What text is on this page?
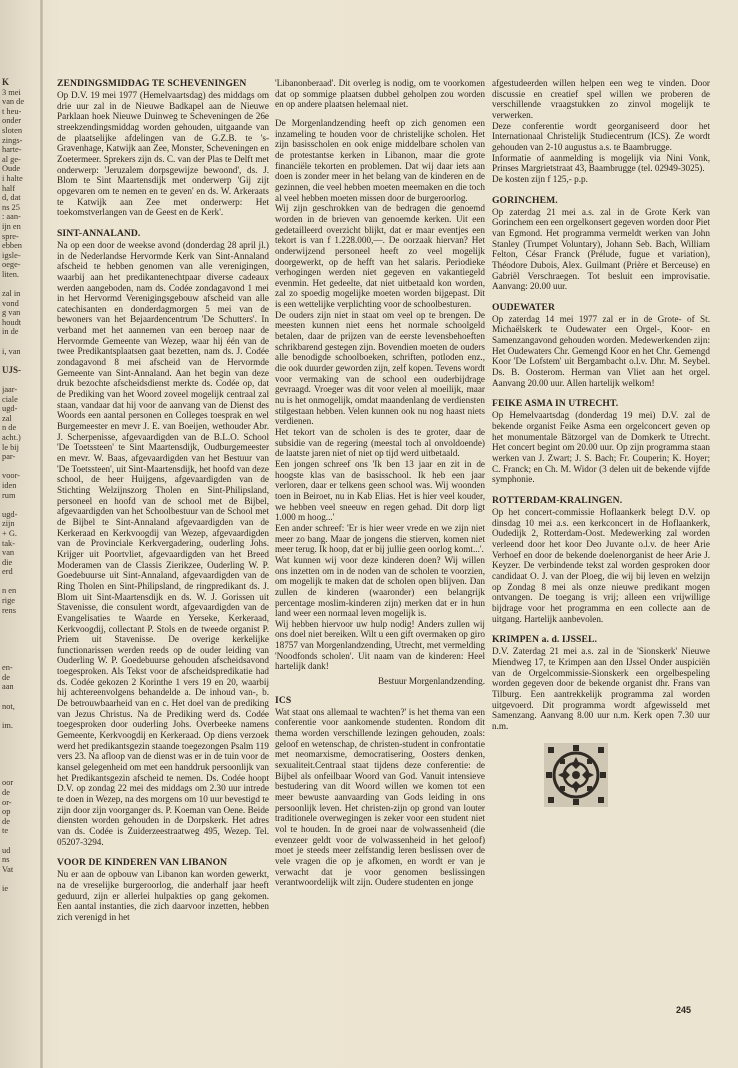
K
3 mei
van de
t heu-
onder
sloten
zings-
harte-
al ge-
Oude
i halte
half
d, dat
ns 25
: aan-
ijn en
spre-
ebben
igsle-
oege-
liten.
zal in
vond
g van
houdt
in de
i, van
UJS-
jaar-
ciale
ugd-
zal
n de
acht.)
le bij
par-
voor-
iden
rum
ugd-
zijn
+ G.
tak-
van
die
erd
n en
rige
rens
en-
de
aan
not,
im.
oor
de
or-
op
de
te
ud
ns
Vat
ie
ZENDINGSMIDDAG TE SCHEVENINGEN

Op D.V. 19 mei 1977 (Hemelvaartsdag) des middags om drie uur zal in de Nieuwe Badkapel aan de Nieuwe Parklaan hoek Nieuwe Duinweg te Scheveningen de 26e streekzendingsmiddag worden gehouden, uitgaande van de plaatselijke afdelingen van de G.Z.B. te 's-Gravenhage, Katwijk aan Zee, Monster, Scheveningen en Zoetermeer. Sprekers zijn ds. C. van der Plas te Delft met onderwerp: 'Jeruzalem dorpsgewijze bewoond', ds. J. Blom te Sint Maartensdijk met onderwerp 'Gij zijt opgevaren om te nemen en te geven' en ds. W. Arkeraats te Katwijk aan Zee met onderwerp: Het toekomstverlangen van de Geest en de Kerk'.

SINT-ANNALAND.

Na op een door de weekse avond (donderdag 28 april jl.) in de Nederlandse Hervormde Kerk van Sint-Annaland afscheid te hebben genomen van alle verenigingen, waarbij aan het predikantenechtpaar diverse cadeaux werden aangeboden, nam ds. Codée zondagavond 1 mei in het Hervormd Verenigingsgebouw afscheid van alle catechisanten en donderdagmorgen 5 mei van de bewoners van het Bejaardencentrum 'De Schutters'. In verband met het aannemen van een beroep naar de Hervormde Gemeente van Wezep, waar hij één van de twee Predikantsplaatsen gaat bezetten, nam ds. J. Codée zondagavond 8 mei afscheid van de Hervormde Gemeente van Sint-Annaland. Aan het begin van deze druk bezochte afscheidsdienst merkte ds. Codée op, dat de Prediking van het Woord zoveel mogelijk centraal zal staan, vandaar dat hij voor de aanvang van de Dienst des Woords een aantal personen en Colleges toesprak en wel Burgemeester en mevr J. E. van Boeijen, wethouder Abr. J. Scherpenisse, afgevaardigden van de B.L.O. School 'De Toetssteen' te Sint Maartensdijk, Oudburgemeester en mevr. W. Baas, afgevaardigden van het Bestuur van 'De Toetssteen', uit Sint-Maartensdijk, het hoofd van deze school, de heer Huijgens, afgevaardigden van de Stichting Welzijnszorg Tholen en Sint-Philipsland, personeel en hoofd van de school met de Bijbel, afgevaardigden van het Schoolbestuur van de School met de Bijbel te Sint-Annaland afgevaardigden van de Kerkeraad en Kerkvoogdij van Wezep, afgevaardigden van de Provinciale Kerkvergadering, ouderling Johs. Krijger uit Poortvliet, afgevaardigden van het Breed Moderamen van de Classis Zierikzee, Ouderling W. P. Goedebuurse uit Sint-Annaland, afgevaardigden van de Ring Tholen en Sint-Philipsland, de ringpredikant ds. J. Blom uit Sint-Maartensdijk en ds. W. J. Gorissen uit Stavenisse, die consulent wordt, afgevaardigden van de Evangelisaties te Waarde en Yerseke, Kerkeraad, Kerkvoogdij, collectant P. Stols en de tweede organist P. Priem uit Stavenisse. De overige kerkelijke functionarissen werden reeds op de ouder leiding van Ouderling W. P. Goedebuurse gehouden afscheidsavond toegesproken. Als Tekst voor de afscheidspredikatie had ds. Codée gekozen 2 Korinthe 1 vers 19 en 20, waarbij hij achtereenvolgens behandelde a. De inhoud van-, b. De betrouwbaarheid van en c. Het doel van de prediking van Jezus Christus. Na de Prediking werd ds. Codée toegesproken door ouderling Johs. Overbeeke namens Gemeente, Kerkvoogdij en Kerkeraad. Op diens verzoek werd het predikantsgezin staande toegezongen Psalm 119 vers 23. Na afloop van de dienst was er in de tuin voor de kansel gelegenheid om met een handdruk persoonlijk van het Predikantsgezin afscheid te nemen. Ds. Codée hoopt D.V. op zondag 22 mei des middags om 2.30 uur intrede te doen in Wezep, na des morgens om 10 uur bevestigd te zijn door zijn voorganger ds. P. Koeman van Oene. Beide diensten worden gehouden in de Dorpskerk. Het adres van ds. Codée is Zuiderzeestraatweg 495, Wezep. Tel. 05207-3294.

VOOR DE KINDEREN VAN LIBANON

Nu er aan de opbouw van Libanon kan worden gewerkt, na de vreselijke burgeroorlog, die anderhalf jaar heeft geduurd, zijn er allerlei hulpakties op gang gekomen. Een aantal instanties, die zich daarvoor inzetten, hebben zich verenigd in het

'Libanonberaad'. Dit overleg is nodig, om te voorkomen dat op sommige plaatsen dubbel geholpen zou worden en op andere plaatsen helemaal niet.

De Morgenlandzending heeft op zich genomen een inzameling te houden voor de christelijke scholen. Het zijn basisscholen en ook enige middelbare scholen van de protestantse kerken in Libanon, maar die grote financiële tekorten en problemen. Dat wij daar iets aan doen is zonder meer in het belang van de kinderen en de gezinnen, die veel hebben moeten meemaken en die toch al veel hebben moeten missen door de burgeroorlog.

Wij zijn geschrokken van de bedragen die genoemd worden in de brieven van genoemde kerken. Uit een gedetailleerd overzicht blijkt, dat er maar eventjes een tekort is van f 1.228.000,—. De oorzaak hiervan? Het onderwijzend personeel heeft zo veel mogelijk doorgewerkt, op de hefft van het salaris. Periodieke verhogingen werden niet gegeven en vakantiegeld evenmin. Het gedeelte, dat niet uitbetaald kon worden, zal zo spoedig mogelijke moeten worden bijgepast. Dit is een wettelijke verplichting voor de schoolbesturen.

De ouders zijn niet in staat om veel op te brengen. De meesten kunnen niet eens het normale schoolgeld betalen, daar de prijzen van de eerste levensbehoeften schrikbarend gestegen zijn. Bovendien moeten de ouders alle benodigde schoolboeken, schriften, potloden enz., die ook duurder geworden zijn, zelf kopen. Tevens wordt voor vermaking van de school een ouderbijdrage gevraagd. Vroeger was dit voor velen al moeilijk, maar nu is het onmogelijk, omdat maandenlang de verdiensten stilgestaan hebben. Velen kunnen ook nu nog haast niets verdienen.

Het tekort van de scholen is des te groter, daar de subsidie van de regering (meestal toch al onvoldoende) de laatste jaren niet of niet op tijd werd uitbetaald.

Een jongen schreef ons 'Ik ben 13 jaar en zit in de hoogste klas van de basisschool. Ik heb een jaar verloren, daar er telkens geen school was. Wij woonden toen in Beiroet, nu in Kab Elias. Het is hier veel kouder, we hebben veel sneeuw en regen gehad. Dit dorp ligt 1.000 m hoog...'

Een ander schreef: 'Er is hier weer vrede en we zijn niet meer zo bang. Maar de jongens die stierven, komen niet meer terug. Ik hoop, dat er bij jullie geen oorlog komt...'.

Wat kunnen wij voor deze kinderen doen? Wij willen ons inzetten om in de noden van de scholen te voorzien, om mogelijk te maken dat de scholen open blijven. Dan zullen de kinderen (waaronder) een belangrijk percentage moslim-kinderen zijn) merken dat er in hun land weer een normaal leven mogelijk is.

Wij hebben hiervoor uw hulp nodig! Anders zullen wij ons doel niet bereiken. Wilt u een gift overmaken op giro 18757 van Morgenlandzending, Utrecht, met vermelding 'Noodfonds scholen'. Uit naam van de kinderen: Heel hartelijk dank!

Bestuur Morgenlandzending.
ICS

Wat staat ons allemaal te wachten?' is het thema van een conferentie voor aankomende studenten. Rondom dit thema worden verschillende lezingen gehouden, zoals: geloof en wetenschap, de christen-student in confrontatie met neomarxisme, democratisering, Oosters denken, sexualiteit.Centraal staat tijdens deze conferentie: de Bijbel als onfeilbaar Woord van God. Vanuit intensieve bestudering van dit Woord willen we komen tot een meer bewuste aanvaarding van Gods leiding in ons persoonlijk leven. Het christen-zijn op grond van louter traditionele overwegingen is zeker voor een student niet vol te houden. In de groei naar de volwassenheid (die evenzeer geldt voor de volwassenheid in het geloof) moet je steeds meer zelfstandig leren beslissen over de vele vragen die op je afkomen, en wordt er van je verwacht dat je voor genomen beslissingen verantwoordelijk wilt zijn. Oudere studenten en jonge

afgestudeerden willen helpen een weg te vinden. Door discussie en creatief spel willen we proberen de verschillende vraagstukken zo zinvol mogelijk te verwerken.

Deze conferentie wordt georganiseerd door het Internationaal Christelijk Studiecentrum (ICS). Ze wordt gehouden van 2-10 augustus a.s. te Baambrugge.

Informatie of aanmelding is mogelijk via Nini Vonk, Prinses Margrietstraat 43, Baambrugge (tel. 02949-3025).

De kosten zijn f 125,- p.p.

GORINCHEM.

Op zaterdag 21 mei a.s. zal in de Grote Kerk van Gorinchem een een orgelkonsert gegeven worden door Piet van Egmond. Het programma vermeldt werken van John Stanley (Trumpet Voluntary), Johann Seb. Bach, William Felton, César Franck (Prélude, fugue et variation), Théodore Dubois, Alex. Guilmant (Prière et Berceuse) en Gabriël Verschraegen. Tot besluit een improvisatie. Aanvang: 20.00 uur.

OUDEWATER

Op zaterdag 14 mei 1977 zal er in de Grote- of St. Michaëlskerk te Oudewater een Orgel-, Koor- en Samenzangavond gehouden worden. Medewerkenden zijn: Het Oudewaters Chr. Gemengd Koor en het Chr. Gemengd Koor 'De Lofstem' uit Bergambacht o.l.v. Dhr. M. Seybel. Ds. B. Oosterom. Herman van Vliet aan het orgel. Aanvang 20.00 uur. Allen hartelijk welkom!

FEIKE ASMA IN UTRECHT.

Op Hemelvaartsdag (donderdag 19 mei) D.V. zal de bekende organist Feike Asma een orgelconcert geven op het monumentale Bätzorgel van de Domkerk te Utrecht. Het concert begint om 20.00 uur. Op zijn programma staan werken van J. Zwart; J. S. Bach; Fr. Couperin; K. Hoyer; C. Franck; en Ch. M. Widor (3 delen uit de bekende vijfde symphonie.

ROTTERDAM-KRALINGEN.

Op het concert-commissie Hoflaankerk belegt D.V. op dinsdag 10 mei a.s. een kerkconcert in de Hoflaankerk, Oudedijk 2, Rotterdam-Oost. Medewerking zal worden verleend door het koor Deo Juvante o.l.v. de heer Arie Verhoef en door de bekende doelenorganist de heer Arie J. Keyzer. De verbindende tekst zal worden gesproken door candidaat O. J. van der Ploeg, die wij bij leven en welzijn op Zondag 8 mei als onze nieuwe predikant mogen ontvangen. De toegang is vrij; alleen een vrijwillige bijdrage voor het programma en een collecte aan de uitgang. Hartelijk aanbevolen.

KRIMPEN a. d. IJSSEL.

D.V. Zaterdag 21 mei a.s. zal in de 'Sionskerk' Nieuwe Miendweg 17, te Krimpen aan den IJssel Onder auspiciën van de Orgelcommissie-Sionskerk een orgelbespeling worden gegeven door de bekende organist dhr. Frans van Tilburg. Een aantrekkelijk programma zal worden uitgevoerd. Dit programma wordt afgewisseld met Samenzang. Aanvang 8.00 uur n.m. Kerk open 7.30 uur n.m.

245
